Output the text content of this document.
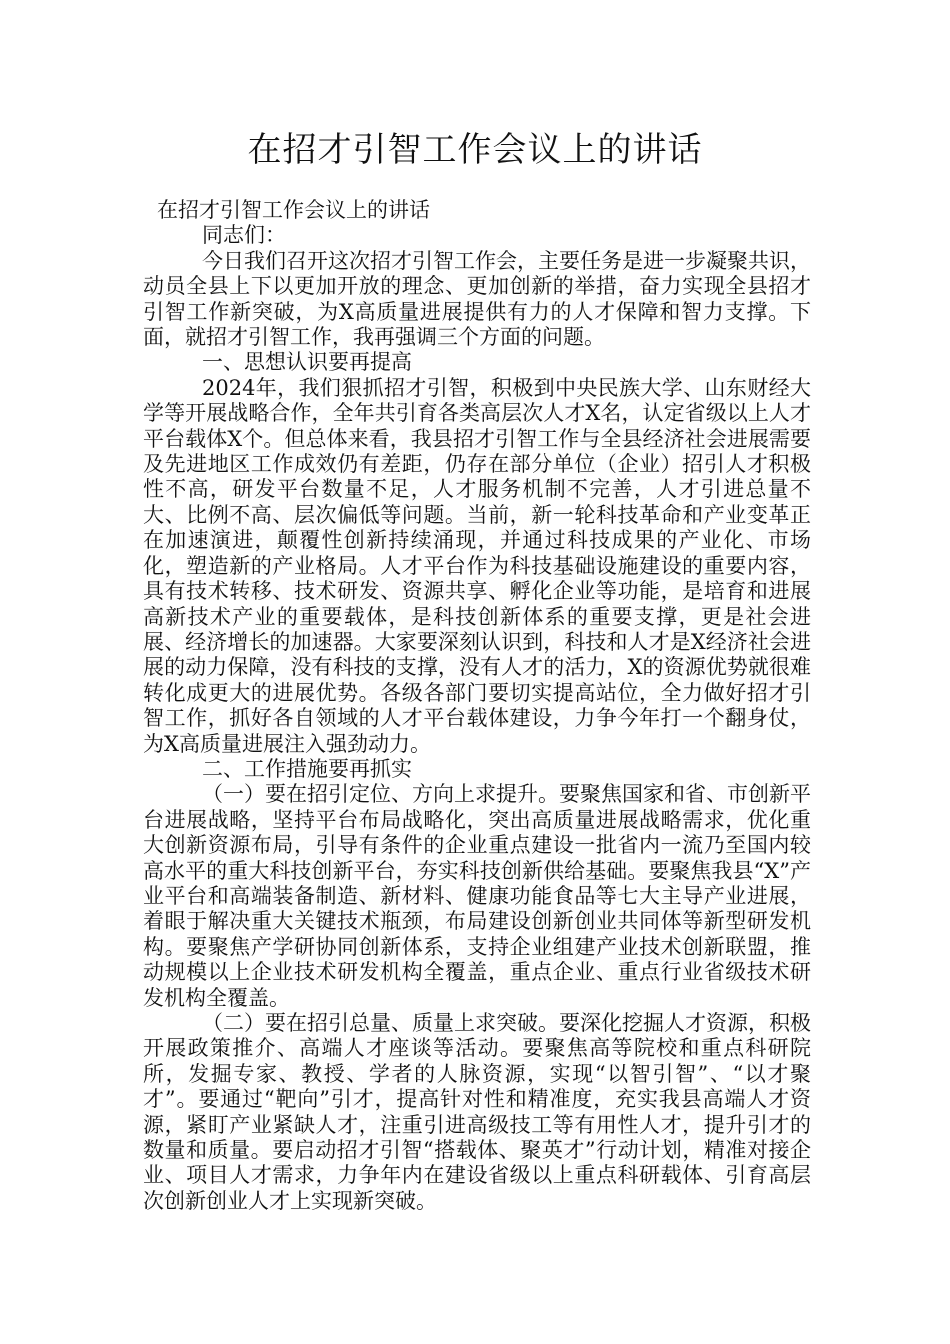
在招才引智工作会议上的讲话

在招才引智工作会议上的讲话

同志们：

今日我们召开这次招才引智工作会，主要任务是进一步凝聚共识，动员全县上下以更加开放的理念、更加创新的举措，奋力实现全县招才引智工作新突破，为X高质量进展提供有力的人才保障和智力支撑。下面，就招才引智工作，我再强调三个方面的问题。

一、思想认识要再提高

2024年，我们狠抓招才引智，积极到中央民族大学、山东财经大学等开展战略合作，全年共引育各类高层次人才X名，认定省级以上人才平台载体X个。但总体来看，我县招才引智工作与全县经济社会进展需要及先进地区工作成效仍有差距，仍存在部分单位（企业）招引人才积极性不高，研发平台数量不足，人才服务机制不完善，人才引进总量不大、比例不高、层次偏低等问题。当前，新一轮科技革命和产业变革正在加速演进，颠覆性创新持续涌现，并通过科技成果的产业化、市场化，塑造新的产业格局。人才平台作为科技基础设施建设的重要内容，具有技术转移、技术研发、资源共享、孵化企业等功能，是培育和进展高新技术产业的重要载体，是科技创新体系的重要支撑，更是社会进展、经济增长的加速器。大家要深刻认识到，科技和人才是X经济社会进展的动力保障，没有科技的支撑，没有人才的活力，X的资源优势就很难转化成更大的进展优势。各级各部门要切实提高站位，全力做好招才引智工作，抓好各自领域的人才平台载体建设，力争今年打一个翻身仗，为X高质量进展注入强劲动力。

二、工作措施要再抓实

（一）要在招引定位、方向上求提升。要聚焦国家和省、市创新平台进展战略，坚持平台布局战略化，突出高质量进展战略需求，优化重大创新资源布局，引导有条件的企业重点建设一批省内一流乃至国内较高水平的重大科技创新平台，夯实科技创新供给基础。要聚焦我县“X”产业平台和高端装备制造、新材料、健康功能食品等七大主导产业进展，着眼于解决重大关键技术瓶颈，布局建设创新创业共同体等新型研发机构。要聚焦产学研协同创新体系，支持企业组建产业技术创新联盟，推动规模以上企业技术研发机构全覆盖，重点企业、重点行业省级技术研发机构全覆盖。

（二）要在招引总量、质量上求突破。要深化挖掘人才资源，积极开展政策推介、高端人才座谈等活动。要聚焦高等院校和重点科研院所，发掘专家、教授、学者的人脉资源，实现“以智引智”、“以才聚才”。要通过“靶向”引才，提高针对性和精准度，充实我县高端人才资源，紧盯产业紧缺人才，注重引进高级技工等有用性人才，提升引才的数量和质量。要启动招才引智“搭载体、聚英才”行动计划，精准对接企业、项目人才需求，力争年内在建设省级以上重点科研载体、引育高层次创新创业人才上实现新突破。
